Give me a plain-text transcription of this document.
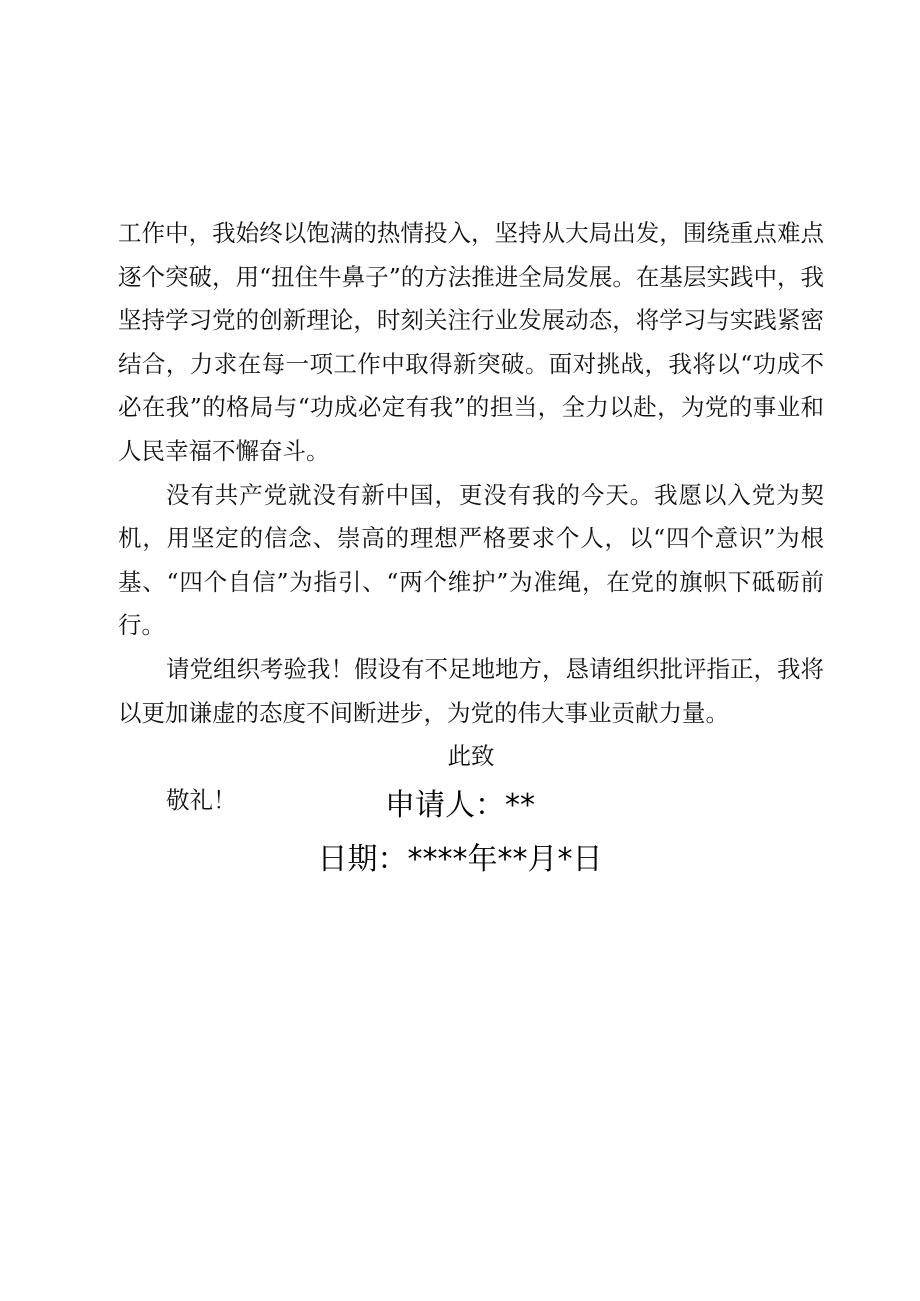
工作中，我始终以饱满的热情投入，坚持从大局出发，围绕重点难点逐个突破，用“扭住牛鼻子”的方法推进全局发展。在基层实践中，我坚持学习党的创新理论，时刻关注行业发展动态，将学习与实践紧密结合，力求在每一项工作中取得新突破。面对挑战，我将以“功成不必在我”的格局与“功成必定有我”的担当，全力以赴，为党的事业和人民幸福不懈奋斗。

没有共产党就没有新中国，更没有我的今天。我愿以入党为契机，用坚定的信念、崇高的理想严格要求个人，以“四个意识”为根基、“四个自信”为指引、“两个维护”为准绳，在党的旗帜下砥砺前行。

请党组织考验我！假设有不足地地方，恳请组织批评指正，我将以更加谦虚的态度不间断进步，为党的伟大事业贡献力量。

此致

敬礼！	申请人：**
日期：****年**月*日
